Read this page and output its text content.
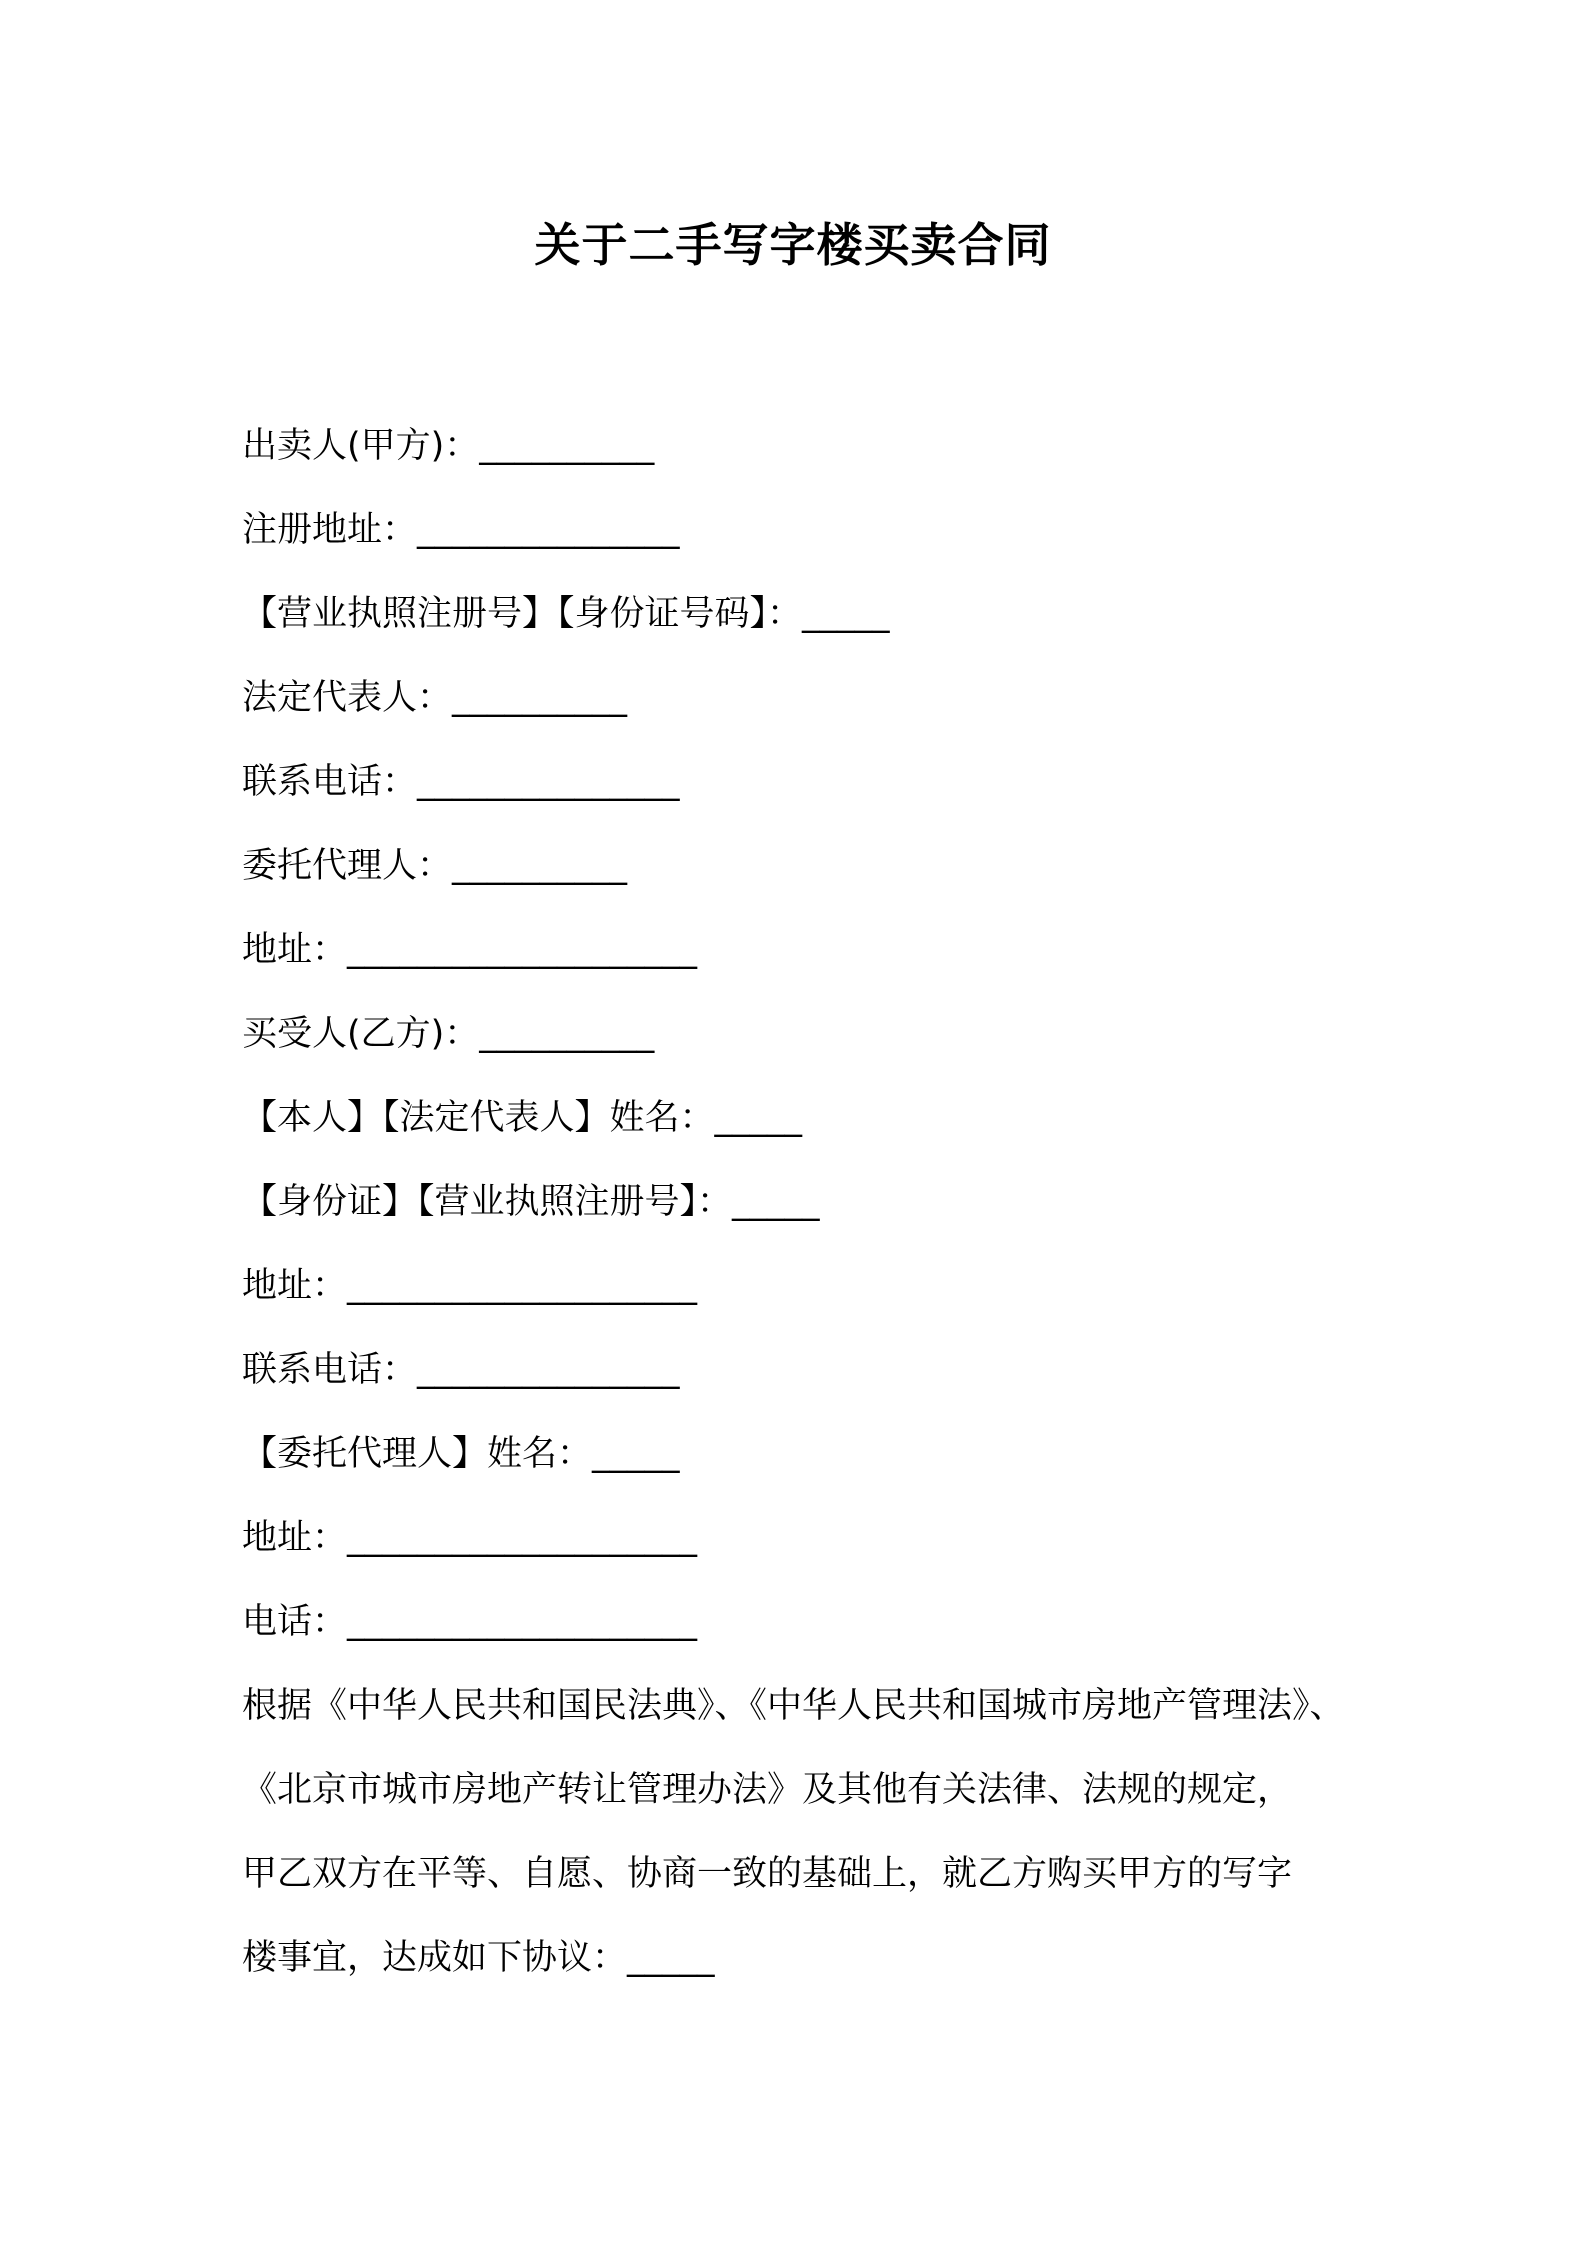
关于二手写字楼买卖合同
出卖人(甲方)：__________
注册地址：_______________
【营业执照注册号】【身份证号码】：_____
法定代表人：__________
联系电话：_______________
委托代理人：__________
地址：____________________
买受人(乙方)：__________
【本人】【法定代表人】姓名：_____
【身份证】【营业执照注册号】：_____
地址：____________________
联系电话：_______________
【委托代理人】姓名：_____
地址：____________________
电话：____________________
根据《中华人民共和国民法典》、《中华人民共和国城市房地产管理法》、
《北京市城市房地产转让管理办法》及其他有关法律、法规的规定，
甲乙双方在平等、自愿、协商一致的基础上，就乙方购买甲方的写字
楼事宜，达成如下协议：_____
